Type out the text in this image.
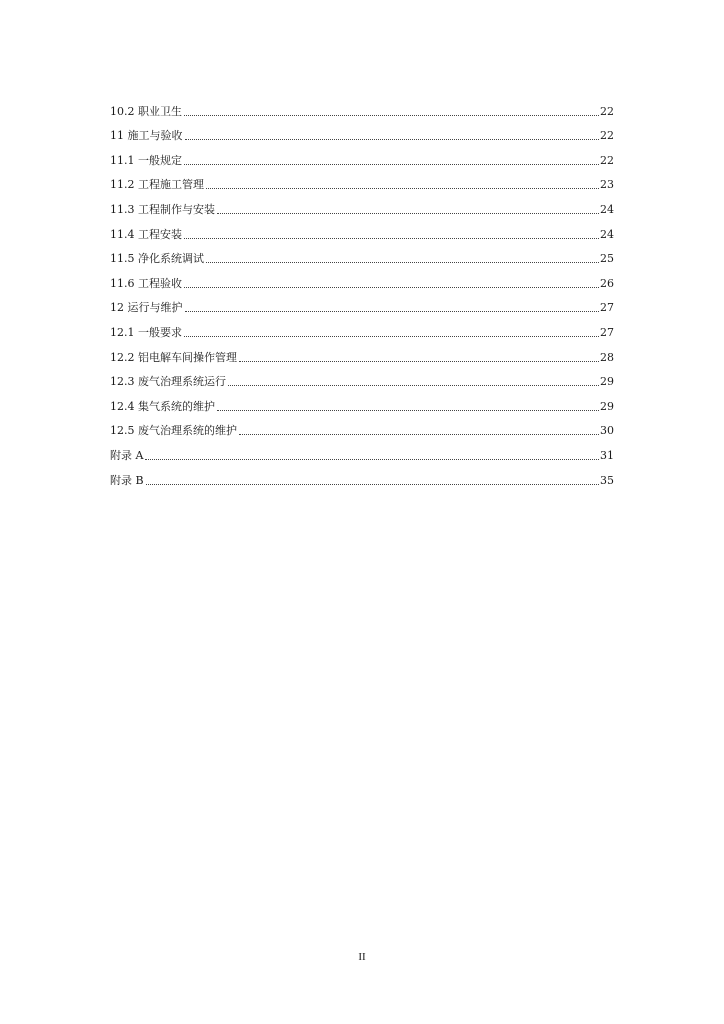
10.2 职业卫生	22
11 施工与验收	22
11.1 一般规定	22
11.2 工程施工管理	23
11.3 工程制作与安装	24
11.4 工程安装	24
11.5 净化系统调试	25
11.6 工程验收	26
12 运行与维护	27
12.1 一般要求	27
12.2 铝电解车间操作管理	28
12.3 废气治理系统运行	29
12.4 集气系统的维护	29
12.5 废气治理系统的维护	30
附录 A	31
附录 B	35
II
